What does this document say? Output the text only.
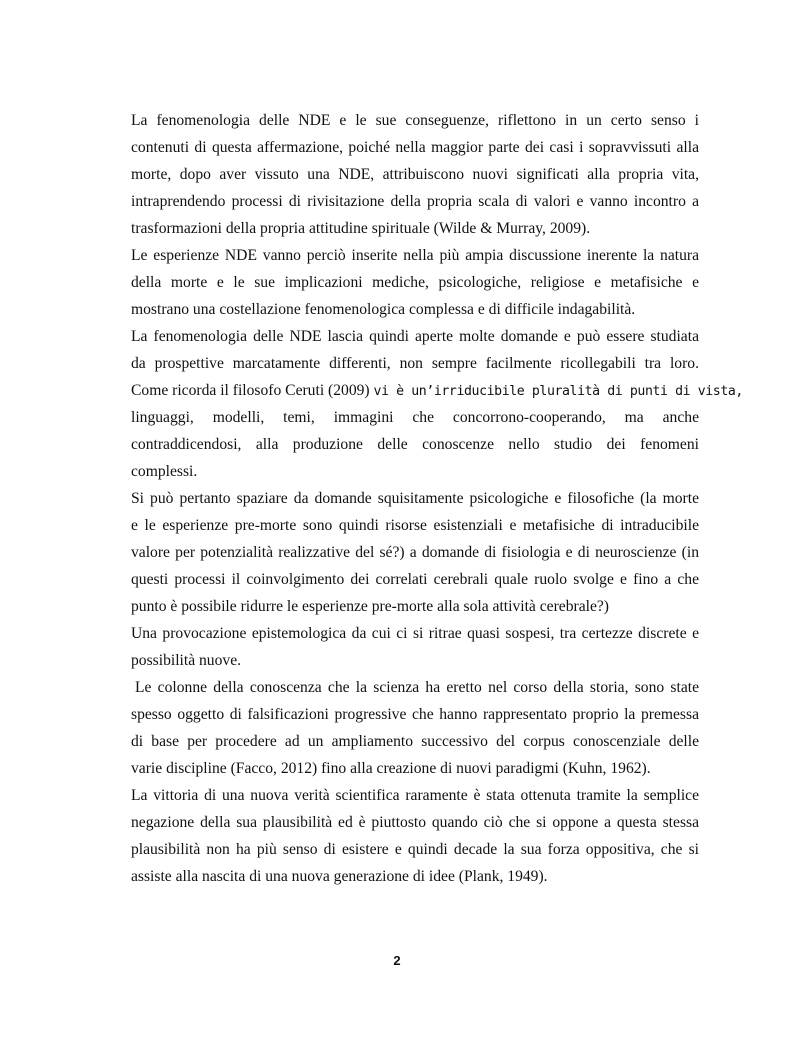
La fenomenologia delle NDE e le sue conseguenze, riflettono in un certo senso i
contenuti di questa affermazione, poiché nella maggior parte dei casi i sopravvissuti alla
morte, dopo aver vissuto una NDE, attribuiscono nuovi significati alla propria vita,
intraprendendo processi di rivisitazione della propria scala di valori e vanno incontro a
trasformazioni della propria attitudine spirituale (Wilde & Murray, 2009).
Le esperienze NDE vanno perciò inserite nella più ampia discussione inerente la natura
della morte e le sue implicazioni mediche, psicologiche, religiose e metafisiche e
mostrano una costellazione fenomenologica complessa e di difficile indagabilità.
La fenomenologia delle NDE lascia quindi aperte molte domande e può essere studiata
da prospettive marcatamente differenti, non sempre facilmente ricollegabili tra loro.
Come ricorda il filosofo Ceruti (2009) vi è un’irriducibile pluralità di punti di vista,
linguaggi, modelli, temi, immagini che concorrono-cooperando, ma anche
contraddicendosi, alla produzione delle conoscenze nello studio dei fenomeni
complessi.
Si può pertanto spaziare da domande squisitamente psicologiche e filosofiche (la morte
e le esperienze pre-morte sono quindi risorse esistenziali e metafisiche di intraducibile
valore per potenzialità realizzative del sé?) a domande di fisiologia e di neuroscienze (in
questi processi il coinvolgimento dei correlati cerebrali quale ruolo svolge e fino a che
punto è possibile ridurre le esperienze pre-morte alla sola attività cerebrale?)
Una provocazione epistemologica da cui ci si ritrae quasi sospesi, tra certezze discrete e
possibilità nuove.
Le colonne della conoscenza che la scienza ha eretto nel corso della storia, sono state
spesso oggetto di falsificazioni progressive che hanno rappresentato proprio la premessa
di base per procedere ad un ampliamento successivo del corpus conoscenziale delle
varie discipline (Facco, 2012) fino alla creazione di nuovi paradigmi (Kuhn, 1962).
La vittoria di una nuova verità scientifica raramente è stata ottenuta tramite la semplice
negazione della sua plausibilità ed è piuttosto quando ciò che si oppone a questa stessa
plausibilità non ha più senso di esistere e quindi decade la sua forza oppositiva, che si
assiste alla nascita di una nuova generazione di idee (Plank, 1949).
2
